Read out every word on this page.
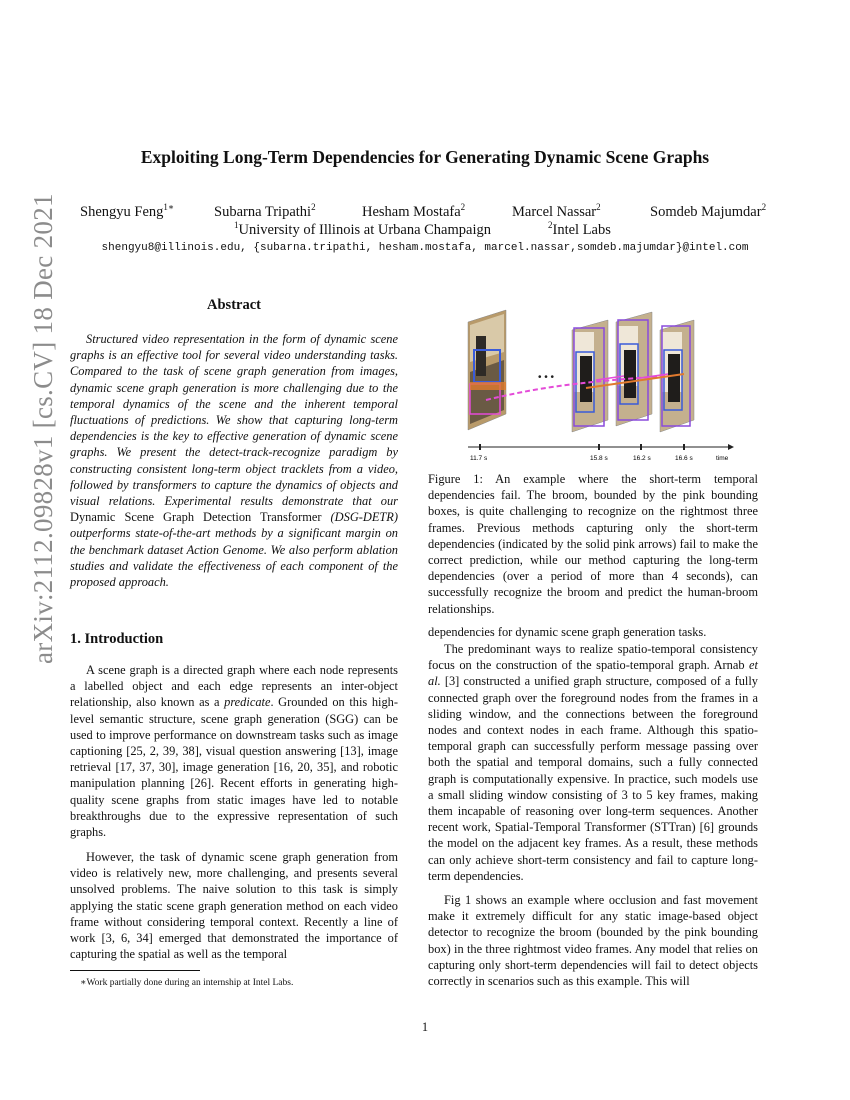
arXiv:2112.09828v1 [cs.CV] 18 Dec 2021
Exploiting Long-Term Dependencies for Generating Dynamic Scene Graphs
Shengyu Feng$^{1∗}$	Subarna Tripathi$^2$	Hesham Mostafa$^2$	Marcel Nassar$^2$	Somdeb Majumdar$^2$
$^1$University of Illinois at Urbana Champaign	$^2$Intel Labs
shengyu8@illinois.edu, {subarna.tripathi, hesham.mostafa, marcel.nassar,somdeb.majumdar}@intel.com
Abstract
Structured video representation in the form of dynamic scene graphs is an effective tool for several video understanding tasks. Compared to the task of scene graph generation from images, dynamic scene graph generation is more challenging due to the temporal dynamics of the scene and the inherent temporal fluctuations of predictions. We show that capturing long-term dependencies is the key to effective generation of dynamic scene graphs. We present the detect-track-recognize paradigm by constructing consistent long-term object tracklets from a video, followed by transformers to capture the dynamics of objects and visual relations. Experimental results demonstrate that our Dynamic Scene Graph Detection Transformer (DSG-DETR) outperforms state-of-the-art methods by a significant margin on the benchmark dataset Action Genome. We also perform ablation studies and validate the effectiveness of each component of the proposed approach.
1. Introduction
A scene graph is a directed graph where each node represents a labelled object and each edge represents an inter-object relationship, also known as a predicate. Grounded on this high-level semantic structure, scene graph generation (SGG) can be used to improve performance on downstream tasks such as image captioning [25, 2, 39, 38], visual question answering [13], image retrieval [17, 37, 30], image generation [16, 20, 35], and robotic manipulation planning [26]. Recent efforts in generating high-quality scene graphs from static images have led to notable breakthroughs due to the expressive representation of such graphs.
However, the task of dynamic scene graph generation from video is relatively new, more challenging, and presents several unsolved problems. The naive solution to this task is simply applying the static scene graph generation method on each video frame without considering temporal context. Recently a line of work [3, 6, 34] emerged that demonstrated the importance of capturing the spatial as well as the temporal
∗Work partially done during an internship at Intel Labs.
• • •
11.7 s	15.8 s	16.2 s	16.6 s	time
Figure 1: An example where the short-term temporal dependencies fail. The broom, bounded by the pink bounding boxes, is quite challenging to recognize on the rightmost three frames. Previous methods capturing only the short-term dependencies (indicated by the solid pink arrows) fail to make the correct prediction, while our method capturing the long-term dependencies (over a period of more than 4 seconds), can successfully recognize the broom and predict the human-broom relationships.
dependencies for dynamic scene graph generation tasks.
The predominant ways to realize spatio-temporal consistency focus on the construction of the spatio-temporal graph. Arnab et al. [3] constructed a unified graph structure, composed of a fully connected graph over the foreground nodes from the frames in a sliding window, and the connections between the foreground nodes and context nodes in each frame. Although this spatio-temporal graph can successfully perform message passing over both the spatial and temporal domains, such a fully connected graph is computationally expensive. In practice, such models use a small sliding window consisting of 3 to 5 key frames, making them incapable of reasoning over long-term sequences. Another recent work, Spatial-Temporal Transformer (STTran) [6] grounds the model on the adjacent key frames. As a result, these methods can only achieve short-term consistency and fail to capture long-term dependencies.
Fig 1 shows an example where occlusion and fast movement make it extremely difficult for any static image-based object detector to recognize the broom (bounded by the pink bounding box) in the three rightmost video frames. Any model that relies on capturing only short-term dependencies will fail to detect objects correctly in scenarios such as this example. This will
1
